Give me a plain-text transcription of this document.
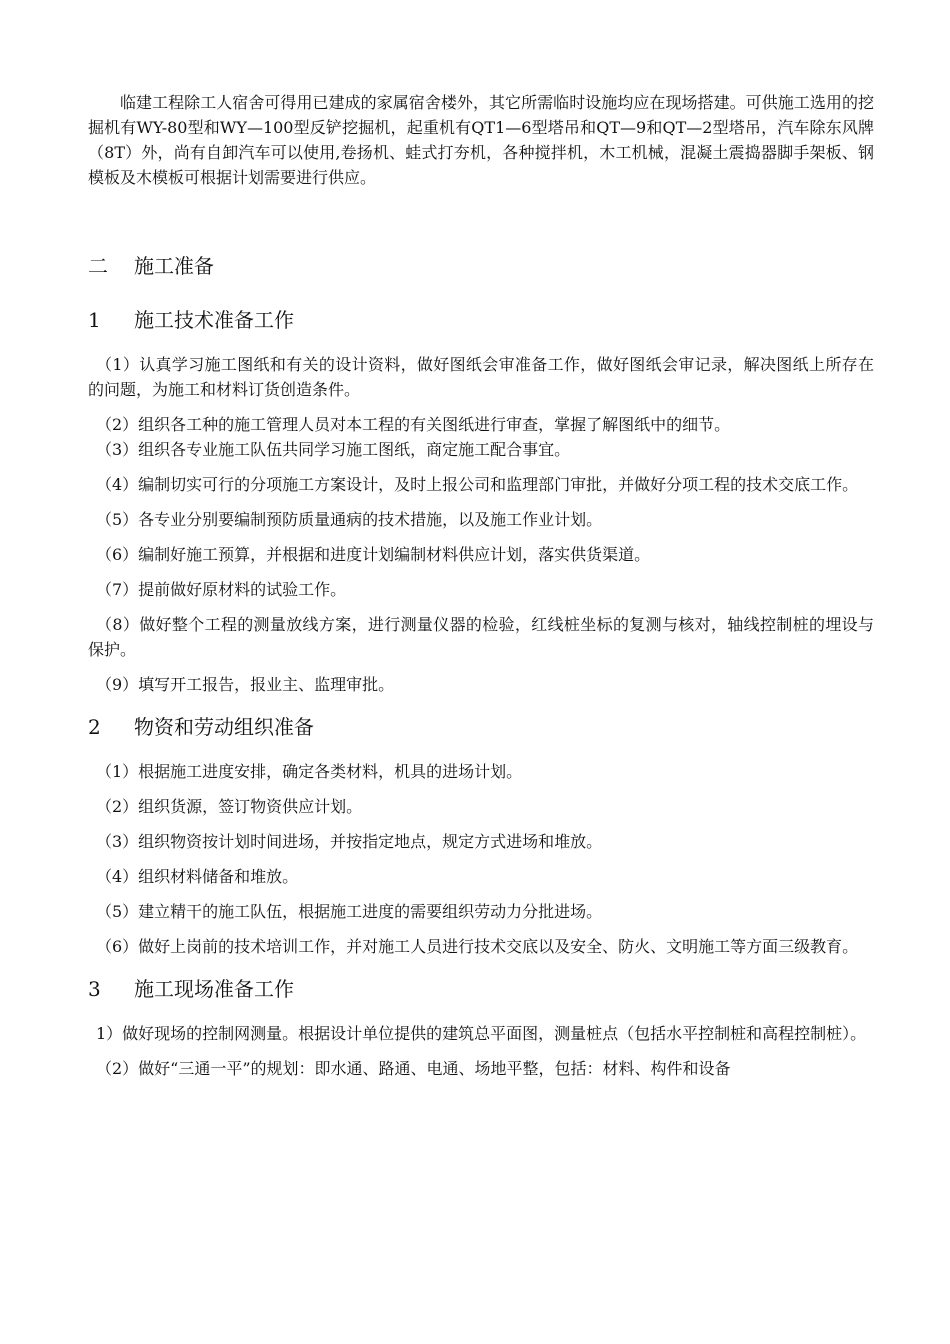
临建工程除工人宿舍可得用已建成的家属宿舍楼外，其它所需临时设施均应在现场搭建。可供施工选用的挖掘机有WY-80型和WY—100型反铲挖掘机，起重机有QT1—6型塔吊和QT—9和QT—2型塔吊，汽车除东风牌（8T）外，尚有自卸汽车可以使用,卷扬机、蛙式打夯机，各种搅拌机，木工机械，混凝土震捣器脚手架板、钢模板及木模板可根据计划需要进行供应。

二 施工准备
1 施工技术准备工作

（1）认真学习施工图纸和有关的设计资料，做好图纸会审准备工作，做好图纸会审记录，解决图纸上所存在的问题，为施工和材料订货创造条件。

（2）组织各工种的施工管理人员对本工程的有关图纸进行审查，掌握了解图纸中的细节。

（3）组织各专业施工队伍共同学习施工图纸，商定施工配合事宜。

（4）编制切实可行的分项施工方案设计，及时上报公司和监理部门审批，并做好分项工程的技术交底工作。

（5）各专业分别要编制预防质量通病的技术措施，以及施工作业计划。

（6）编制好施工预算，并根据和进度计划编制材料供应计划，落实供货渠道。

（7）提前做好原材料的试验工作。

（8）做好整个工程的测量放线方案，进行测量仪器的检验，红线桩坐标的复测与核对，轴线控制桩的埋设与保护。

（9）填写开工报告，报业主、监理审批。

2 物资和劳动组织准备

（1）根据施工进度安排，确定各类材料，机具的进场计划。

（2）组织货源，签订物资供应计划。

（3）组织物资按计划时间进场，并按指定地点，规定方式进场和堆放。

（4）组织材料储备和堆放。

（5）建立精干的施工队伍，根据施工进度的需要组织劳动力分批进场。

（6）做好上岗前的技术培训工作，并对施工人员进行技术交底以及安全、防火、文明施工等方面三级教育。

3 施工现场准备工作

1）做好现场的控制网测量。根据设计单位提供的建筑总平面图，测量桩点（包括水平控制桩和高程控制桩）。

（2）做好“三通一平”的规划：即水通、路通、电通、场地平整，包括：材料、构件和设备
